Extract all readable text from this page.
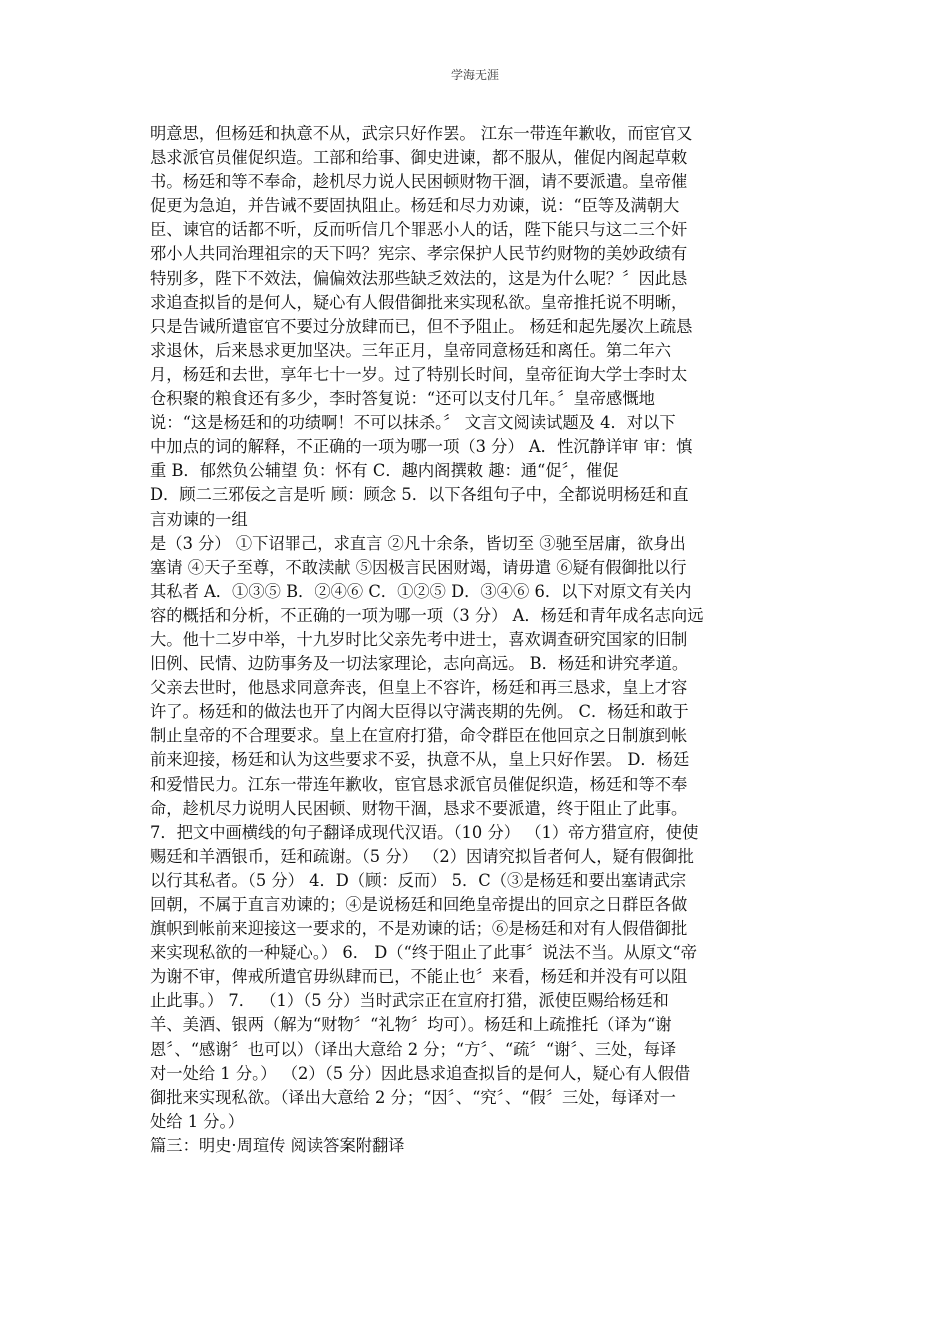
学海无涯
明意思，但杨廷和执意不从，武宗只好作罢。 江东一带连年歉收，而宦官又
恳求派官员催促织造。工部和给事、御史进谏，都不服从，催促内阁起草敕
书。杨廷和等不奉命，趁机尽力说人民困顿财物干涸，请不要派遣。皇帝催
促更为急迫，并告诫不要固执阻止。杨廷和尽力劝谏，说：“臣等及满朝大
臣、谏官的话都不听，反而听信几个罪恶小人的话，陛下能只与这二三个奸
邪小人共同治理祖宗的天下吗？宪宗、孝宗保护人民节约财物的美妙政绩有
特别多，陛下不效法，偏偏效法那些缺乏效法的，这是为什么呢？〞因此恳
求追查拟旨的是何人，疑心有人假借御批来实现私欲。皇帝推托说不明晰，
只是告诫所遣宦官不要过分放肆而已，但不予阻止。 杨廷和起先屡次上疏恳
求退休，后来恳求更加坚决。三年正月，皇帝同意杨廷和离任。第二年六
月，杨廷和去世，享年七十一岁。过了特别长时间，皇帝征询大学士李时太
仓积聚的粮食还有多少，李时答复说：“还可以支付几年。〞皇帝感慨地
说：“这是杨廷和的功绩啊！不可以抹杀。〞 文言文阅读试题及 4．对以下
中加点的词的解释，不正确的一项为哪一项（3 分） A．性沉静详审 审：慎
重 B．郁然负公辅望 负：怀有 C．趣内阁撰敕 趣：通“促〞，催促
D．顾二三邪佞之言是听 顾：顾念 5．以下各组句子中，全都说明杨廷和直
言劝谏的一组
是（3 分） ①下诏罪己，求直言 ②凡十余条，皆切至 ③驰至居庸，欲身出
塞请 ④天子至尊，不敢渎献 ⑤因极言民困财竭，请毋遣 ⑥疑有假御批以行
其私者 A．①③⑤ B．②④⑥ C．①②⑤ D．③④⑥ 6．以下对原文有关内
容的概括和分析，不正确的一项为哪一项（3 分） A．杨廷和青年成名志向远
大。他十二岁中举，十九岁时比父亲先考中进士，喜欢调查研究国家的旧制
旧例、民情、边防事务及一切法家理论，志向高远。 B．杨廷和讲究孝道。
父亲去世时，他恳求同意奔丧，但皇上不容许，杨廷和再三恳求，皇上才容
许了。杨廷和的做法也开了内阁大臣得以守满丧期的先例。 C．杨廷和敢于
制止皇帝的不合理要求。皇上在宣府打猎，命令群臣在他回京之日制旗到帐
前来迎接，杨廷和认为这些要求不妥，执意不从，皇上只好作罢。 D．杨廷
和爱惜民力。江东一带连年歉收，宦官恳求派官员催促织造，杨廷和等不奉
命，趁机尽力说明人民困顿、财物干涸，恳求不要派遣，终于阻止了此事。
7．把文中画横线的句子翻译成现代汉语。（10 分） （1）帝方猎宣府，使使
赐廷和羊酒银币，廷和疏谢。（5 分） （2）因请究拟旨者何人，疑有假御批
以行其私者。（5 分） 4．D（顾：反而） 5．C（③是杨廷和要出塞请武宗
回朝，不属于直言劝谏的；④是说杨廷和回绝皇帝提出的回京之日群臣各做
旗帜到帐前来迎接这一要求的，不是劝谏的话；⑥是杨廷和对有人假借御批
来实现私欲的一种疑心。） 6． D（“终于阻止了此事〞说法不当。从原文“帝
为谢不审，俾戒所遣官毋纵肆而已，不能止也〞来看，杨廷和并没有可以阻
止此事。） 7． （1）（5 分）当时武宗正在宣府打猎，派使臣赐给杨廷和
羊、美酒、银两（解为“财物〞“礼物〞均可）。杨廷和上疏推托（译为“谢
恩〞、“感谢〞也可以）（译出大意给 2 分；“方〞、“疏〞“谢〞、三处，每译
对一处给 1 分。） （2）（5 分）因此恳求追查拟旨的是何人，疑心有人假借
御批来实现私欲。（译出大意给 2 分；“因〞、“究〞、“假〞三处，每译对一
处给 1 分。）
篇三：明史·周瑄传 阅读答案附翻译
